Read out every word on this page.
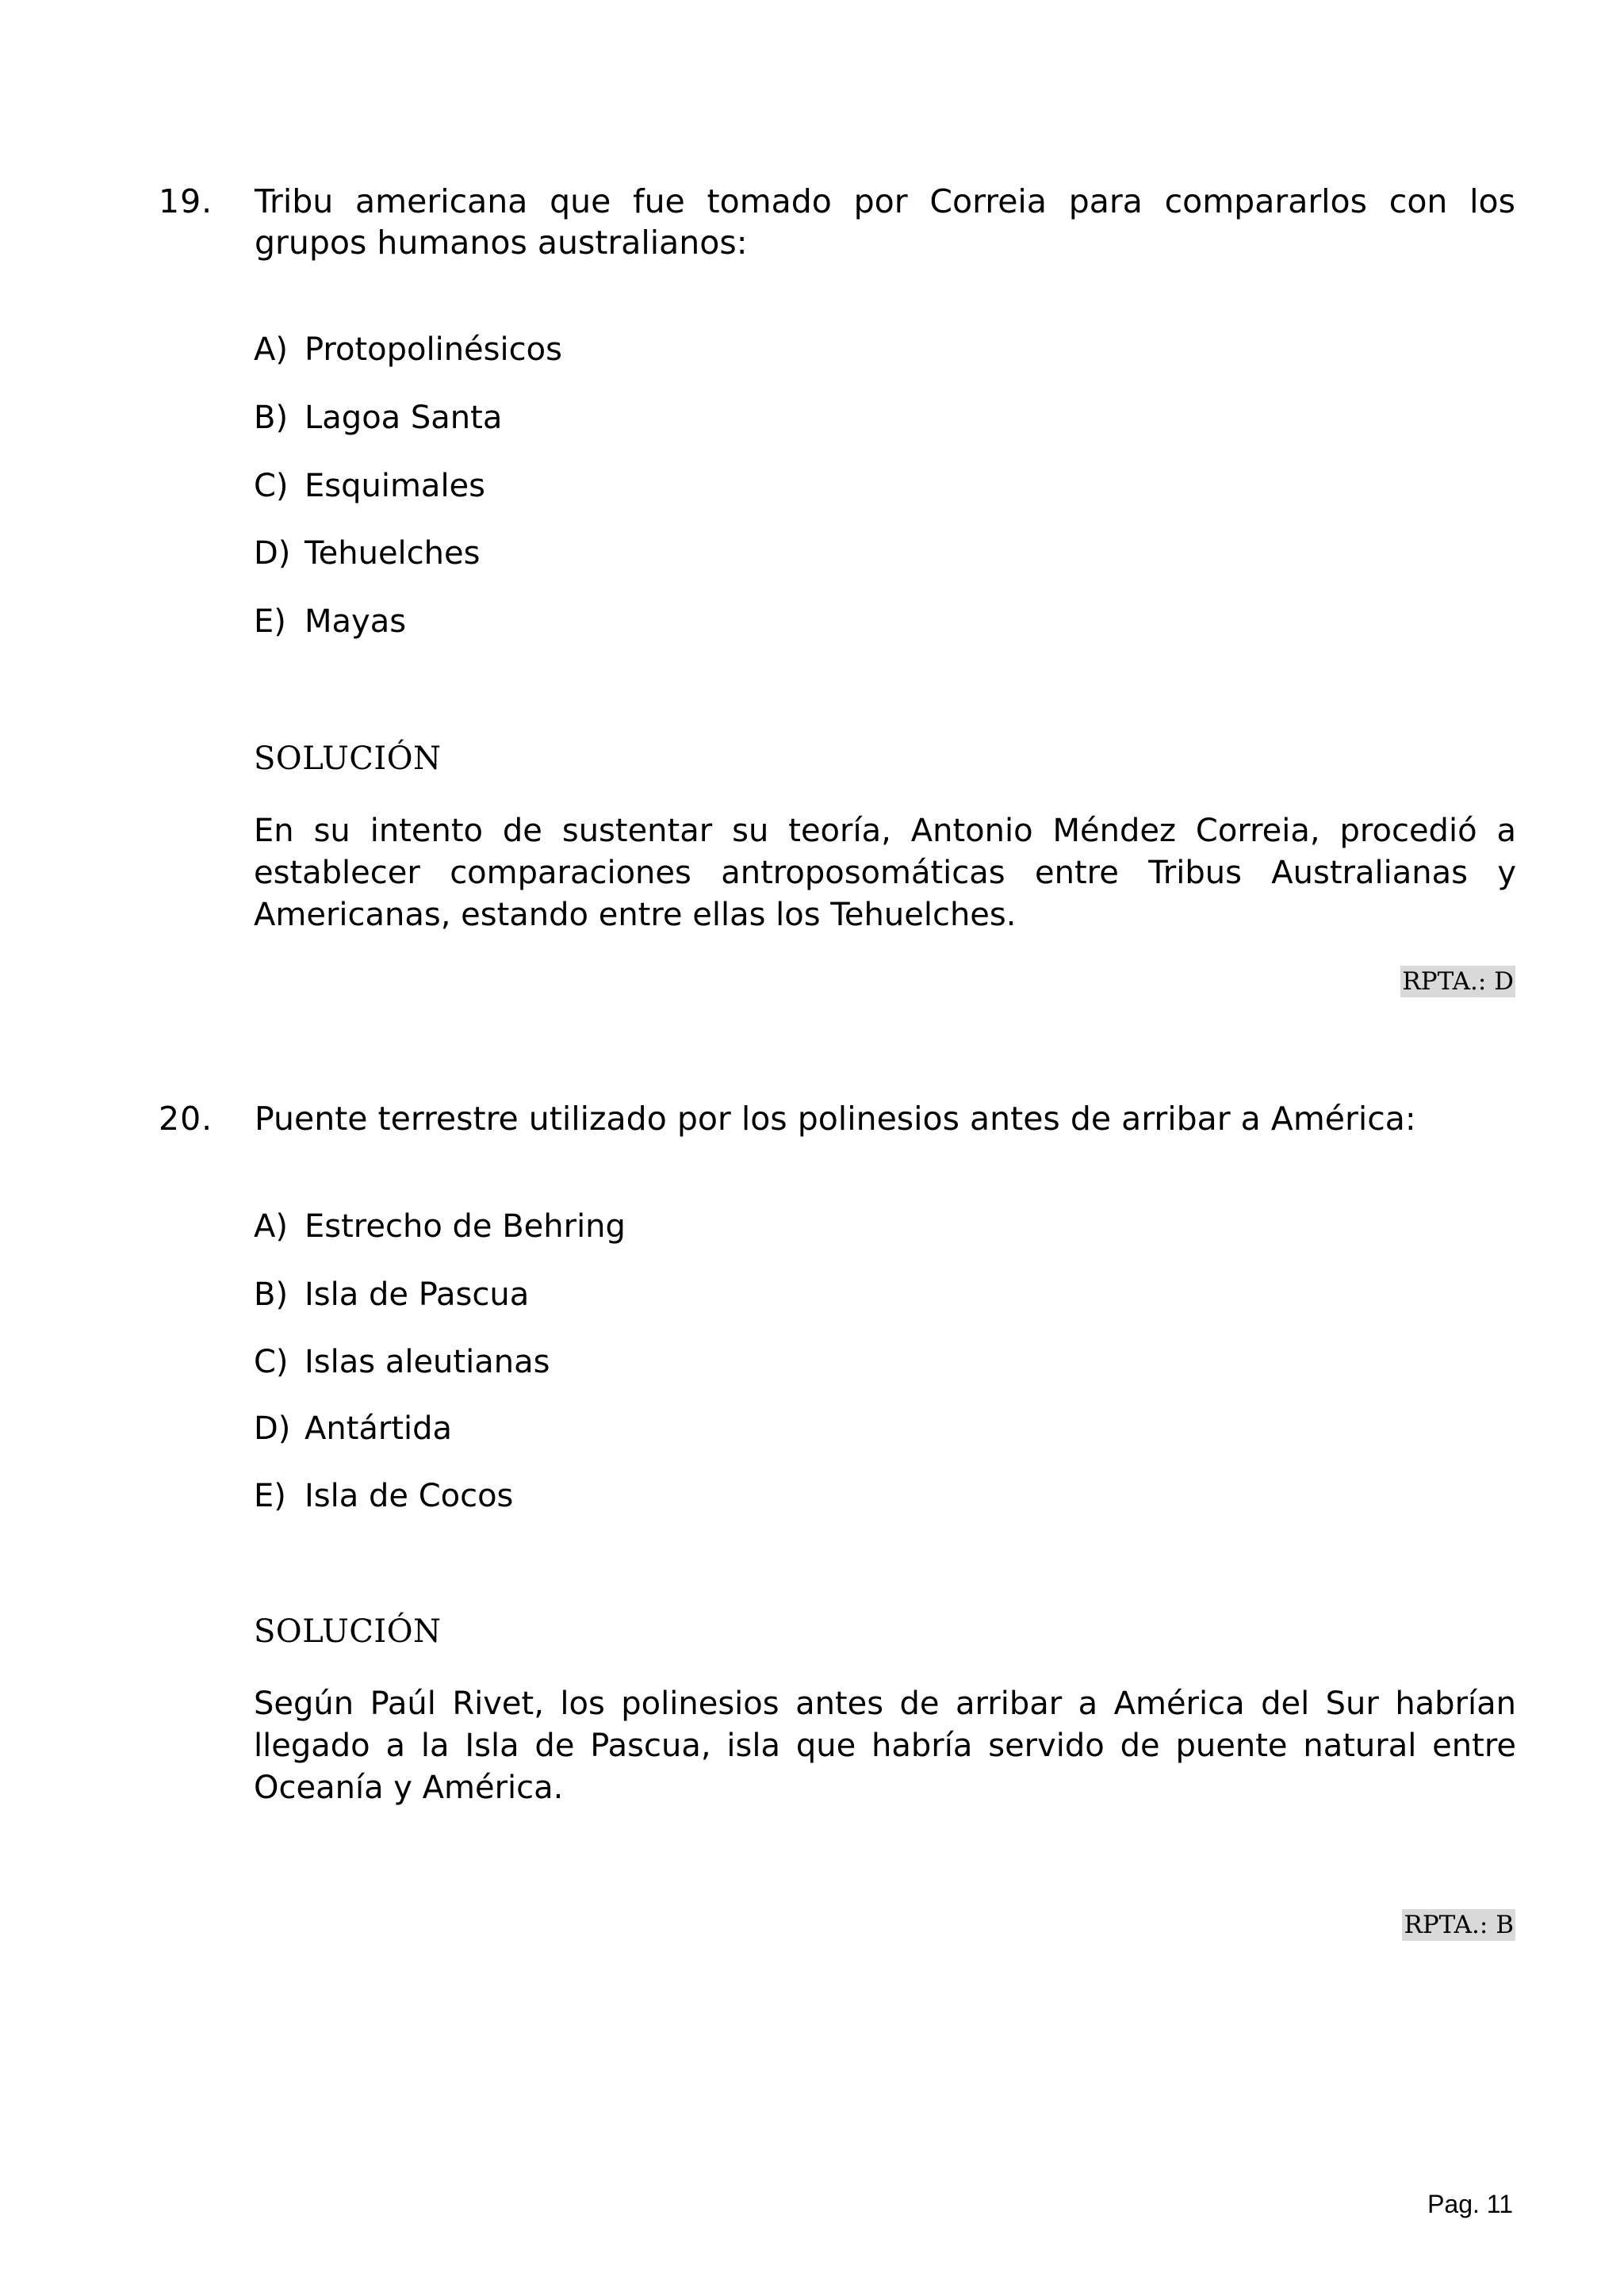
19. Tribu americana que fue tomado por Correia para compararlos con los grupos humanos australianos:
A) Protopolinésicos
B) Lagoa Santa
C) Esquimales
D) Tehuelches
E) Mayas
SOLUCIÓN
En su intento de sustentar su teoría, Antonio Méndez Correia, procedió a establecer comparaciones antroposomáticas entre Tribus Australianas y Americanas, estando entre ellas los Tehuelches.
RPTA.: D
20. Puente terrestre utilizado por los polinesios antes de arribar a América:
A) Estrecho de Behring
B) Isla de Pascua
C) Islas aleutianas
D) Antártida
E) Isla de Cocos
SOLUCIÓN
Según Paúl Rivet, los polinesios antes de arribar a América del Sur habrían llegado a la Isla de Pascua, isla que habría servido de puente natural entre Oceanía y América.
RPTA.: B
Pag. 11
